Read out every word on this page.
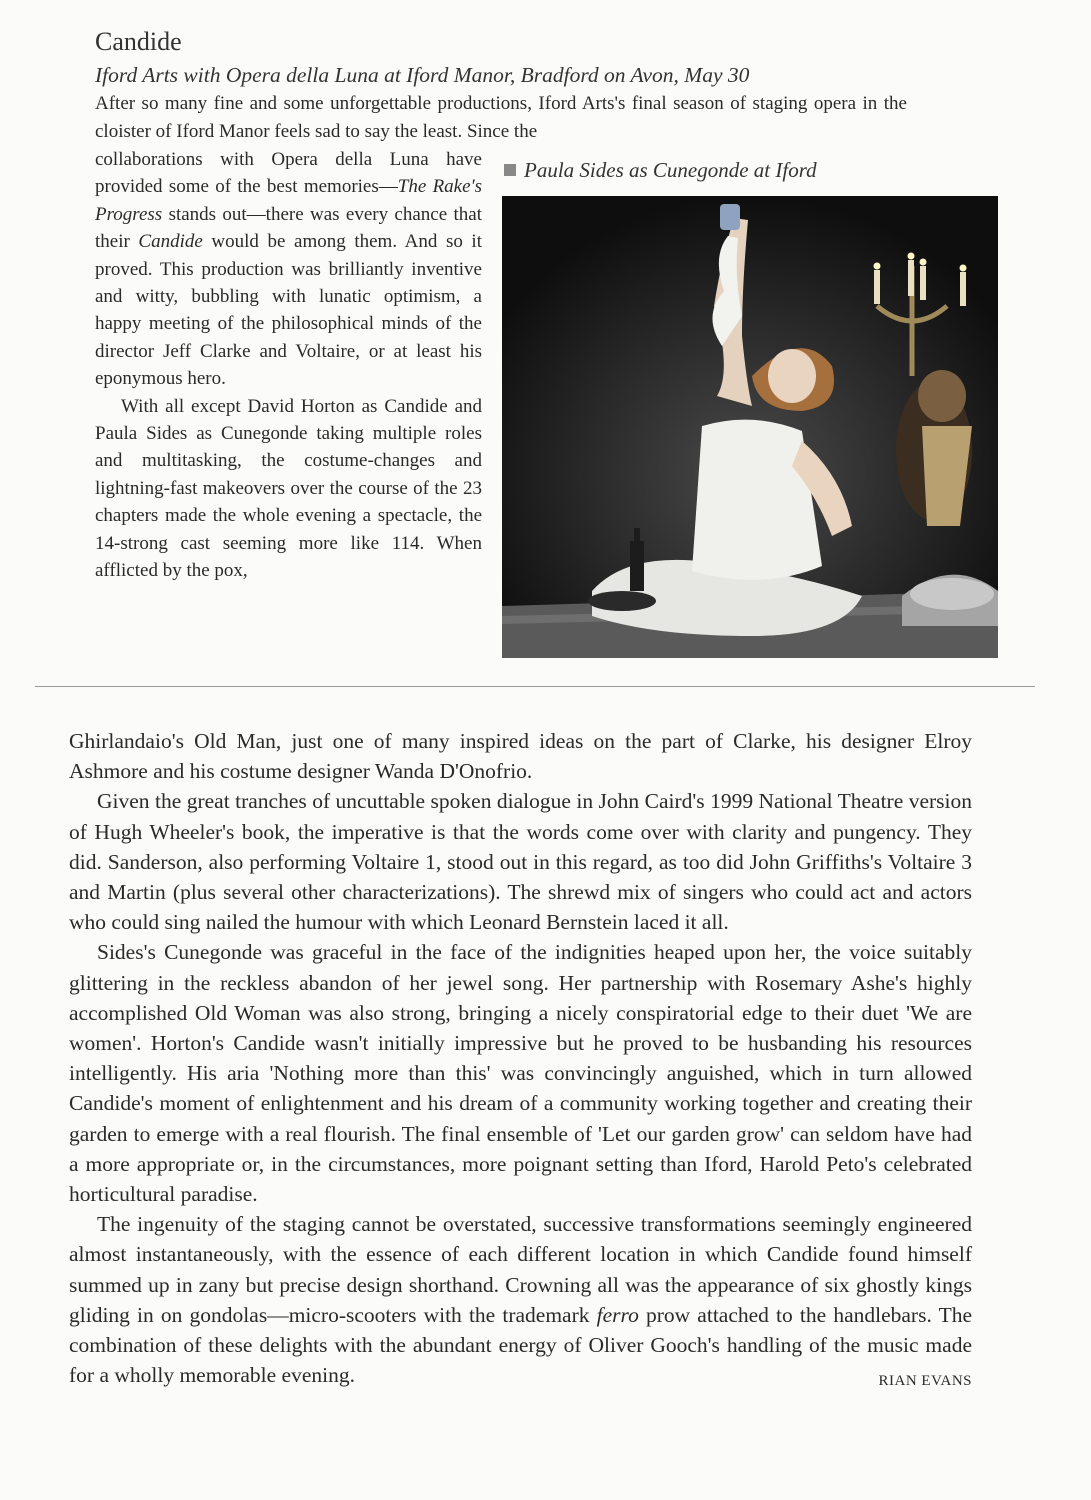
Candide
Iford Arts with Opera della Luna at Iford Manor, Bradford on Avon, May 30

After so many fine and some unforgettable productions, Iford Arts's final season of staging opera in the cloister of Iford Manor feels sad to say the least. Since the

collaborations with Opera della Luna have provided some of the best memories—The Rake's Progress stands out—there was every chance that their Candide would be among them. And so it proved. This production was brilliantly inventive and witty, bubbling with lunatic optimism, a happy meeting of the philosophical minds of the director Jeff Clarke and Voltaire, or at least his eponymous hero.

With all except David Horton as Candide and Paula Sides as Cunegonde taking multiple roles and multitasking, the costume-changes and lightning-fast makeovers over the course of the 23 chapters made the whole evening a spectacle, the 14-strong cast seeming more like 114. When afflicted by the pox,

Paula Sides as Cunegonde at Iford

Ghirlandaio's Old Man, just one of many inspired ideas on the part of Clarke, his designer Elroy Ashmore and his costume designer Wanda D'Onofrio.

Given the great tranches of uncuttable spoken dialogue in John Caird's 1999 National Theatre version of Hugh Wheeler's book, the imperative is that the words come over with clarity and pungency. They did. Sanderson, also performing Voltaire 1, stood out in this regard, as too did John Griffiths's Voltaire 3 and Martin (plus several other characterizations). The shrewd mix of singers who could act and actors who could sing nailed the humour with which Leonard Bernstein laced it all.

Sides's Cunegonde was graceful in the face of the indignities heaped upon her, the voice suitably glittering in the reckless abandon of her jewel song. Her partnership with Rosemary Ashe's highly accomplished Old Woman was also strong, bringing a nicely conspiratorial edge to their duet 'We are women'. Horton's Candide wasn't initially impressive but he proved to be husbanding his resources intelligently. His aria 'Nothing more than this' was convincingly anguished, which in turn allowed Candide's moment of enlightenment and his dream of a community working together and creating their garden to emerge with a real flourish. The final ensemble of 'Let our garden grow' can seldom have had a more appropriate or, in the circumstances, more poignant setting than Iford, Harold Peto's celebrated horticultural paradise.

The ingenuity of the staging cannot be overstated, successive transformations seemingly engineered almost instantaneously, with the essence of each different location in which Candide found himself summed up in zany but precise design shorthand. Crowning all was the appearance of six ghostly kings gliding in on gondolas—micro-scooters with the trademark ferro prow attached to the handlebars. The combination of these delights with the abundant energy of Oliver Gooch's handling of the music made for a wholly memorable evening.	RIAN EVANS
